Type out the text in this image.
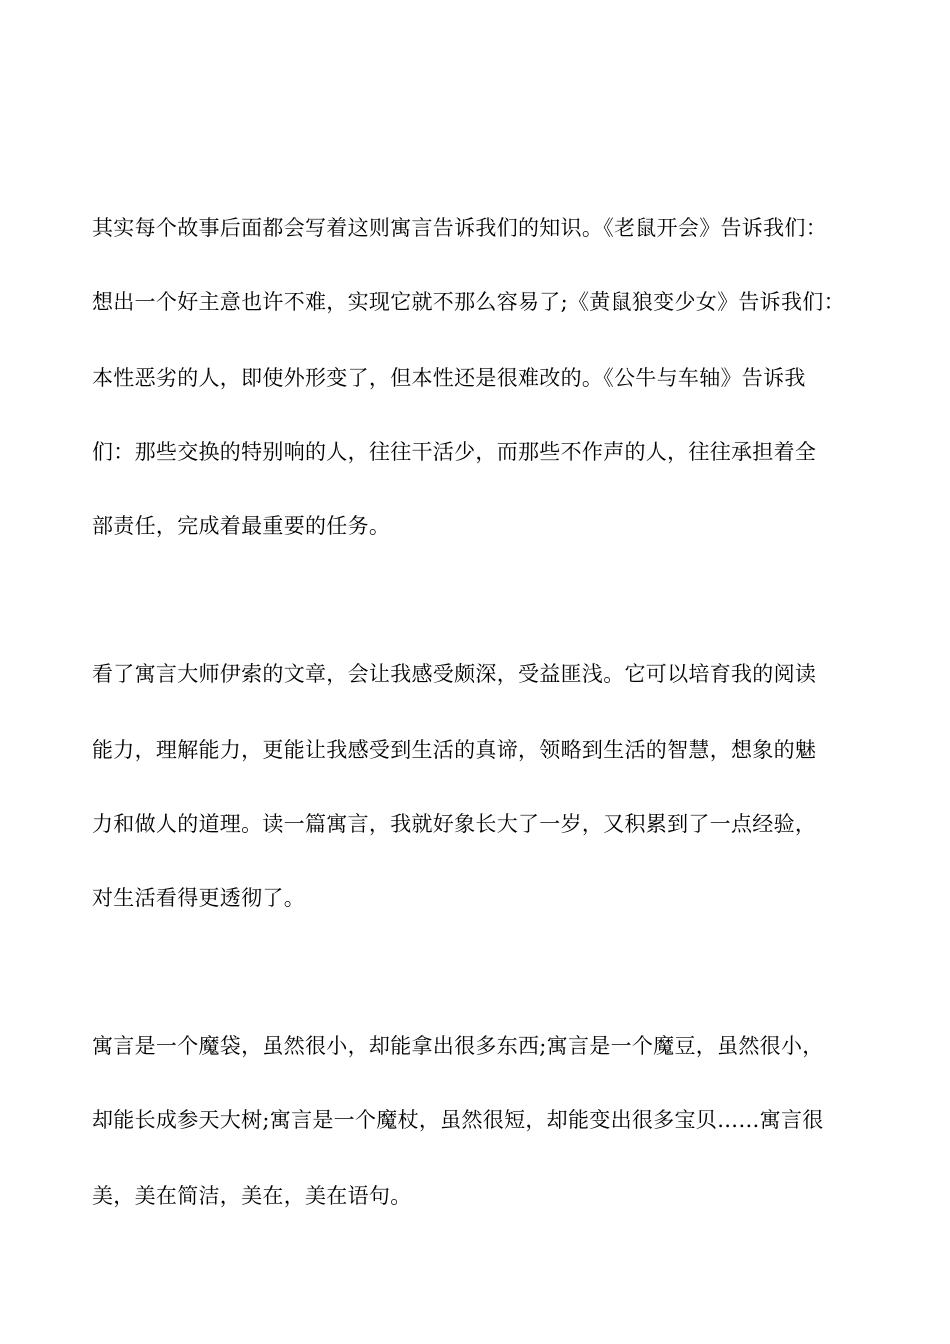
其实每个故事后面都会写着这则寓言告诉我们的知识。《老鼠开会》告诉我们：

想出一个好主意也许不难，实现它就不那么容易了;《黄鼠狼变少女》告诉我们：

本性恶劣的人，即使外形变了，但本性还是很难改的。《公牛与车轴》告诉我

们：那些交换的特别响的人，往往干活少，而那些不作声的人，往往承担着全

部责任，完成着最重要的任务。

看了寓言大师伊索的文章，会让我感受颇深，受益匪浅。它可以培育我的阅读

能力，理解能力，更能让我感受到生活的真谛，领略到生活的智慧，想象的魅

力和做人的道理。读一篇寓言，我就好象长大了一岁，又积累到了一点经验，

对生活看得更透彻了。

寓言是一个魔袋，虽然很小，却能拿出很多东西;寓言是一个魔豆，虽然很小，

却能长成参天大树;寓言是一个魔杖，虽然很短，却能变出很多宝贝……寓言很

美，美在简洁，美在，美在语句。
